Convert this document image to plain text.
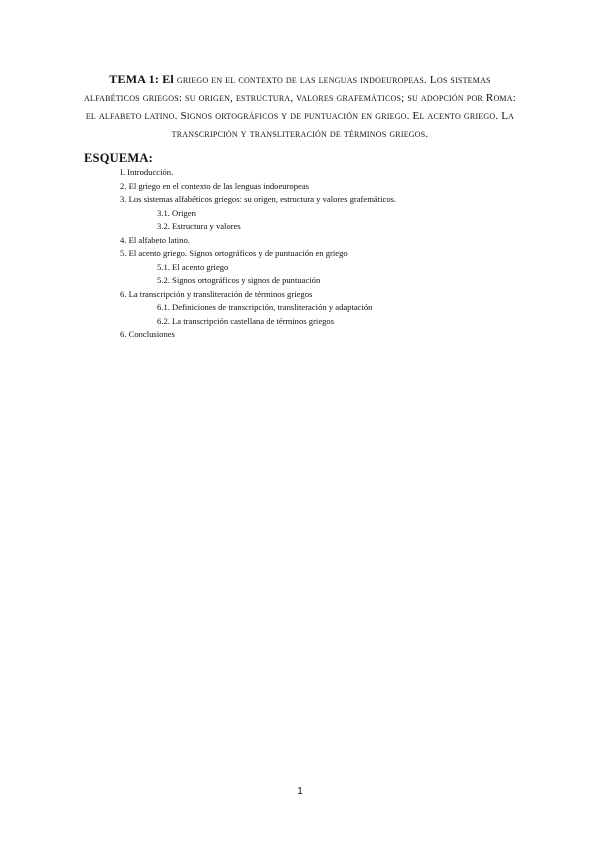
TEMA 1: El griego en el contexto de las lenguas indoeuropeas. Los sistemas alfabéticos griegos: su origen, estructura, valores grafemáticos; su adopción por Roma: el alfabeto latino. Signos ortográficos y de puntuación en griego. El acento griego. La transcripción y transliteración de términos griegos.
ESQUEMA:
I. Introducción.
2. El griego en el contexto de las lenguas indoeuropeas
3. Los sistemas alfabéticos griegos: su origen, estructura y valores grafemáticos.
3.1. Origen
3.2. Estructura y valores
4. El alfabeto latino.
5. El acento griego. Signos ortográficos y de puntuación en griego
5.1. El acento griego
5.2. Signos ortográficos y signos de puntuación
6. La transcripción y transliteración de términos griegos
6.1. Definiciones de transcripción, transliteración y adaptación
6.2. La transcripción castellana de términos griegos
6. Conclusiones
1
